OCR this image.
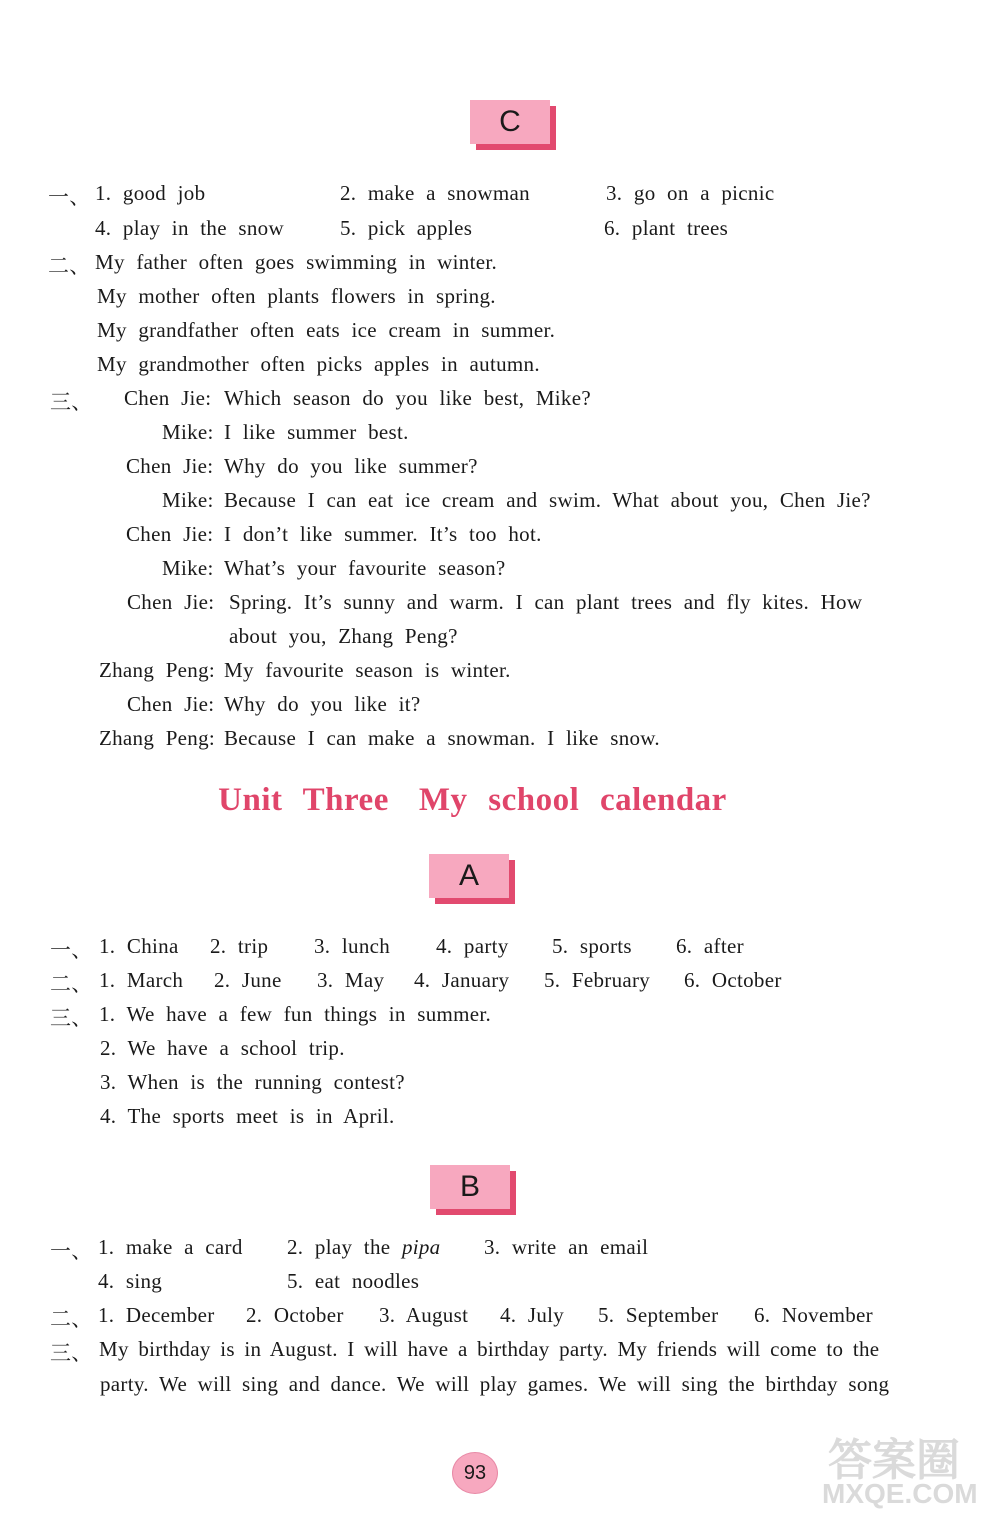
C
一、 1. good job	2. make a snowman	3. go on a picnic
4. play in the snow	5. pick apples	6. plant trees
二、 My father often goes swimming in winter.
My mother often plants flowers in spring.
My grandfather often eats ice cream in summer.
My grandmother often picks apples in autumn.
三、 Chen Jie: Which season do you like best, Mike?
Mike: I like summer best.
Chen Jie: Why do you like summer?
Mike: Because I can eat ice cream and swim. What about you, Chen Jie?
Chen Jie: I don’t like summer. It’s too hot.
Mike: What’s your favourite season?
Chen Jie: Spring. It’s sunny and warm. I can plant trees and fly kites. How
about you, Zhang Peng?
Zhang Peng: My favourite season is winter.
Chen Jie: Why do you like it?
Zhang Peng: Because I can make a snowman. I like snow.
Unit Three My school calendar
A
一、 1. China 2. trip 3. lunch 4. party 5. sports 6. after
二、 1. March 2. June 3. May 4. January 5. February 6. October
三、 1. We have a few fun things in summer.
2. We have a school trip.
3. When is the running contest?
4. The sports meet is in April.
B
一、 1. make a card 2. play the pipa 3. write an email
4. sing	5. eat noodles
二、 1. December 2. October 3. August 4. July 5. September 6. November
三、 My birthday is in August. I will have a birthday party. My friends will come to the
party. We will sing and dance. We will play games. We will sing the birthday song
93	答案圈
MXQE.COM
